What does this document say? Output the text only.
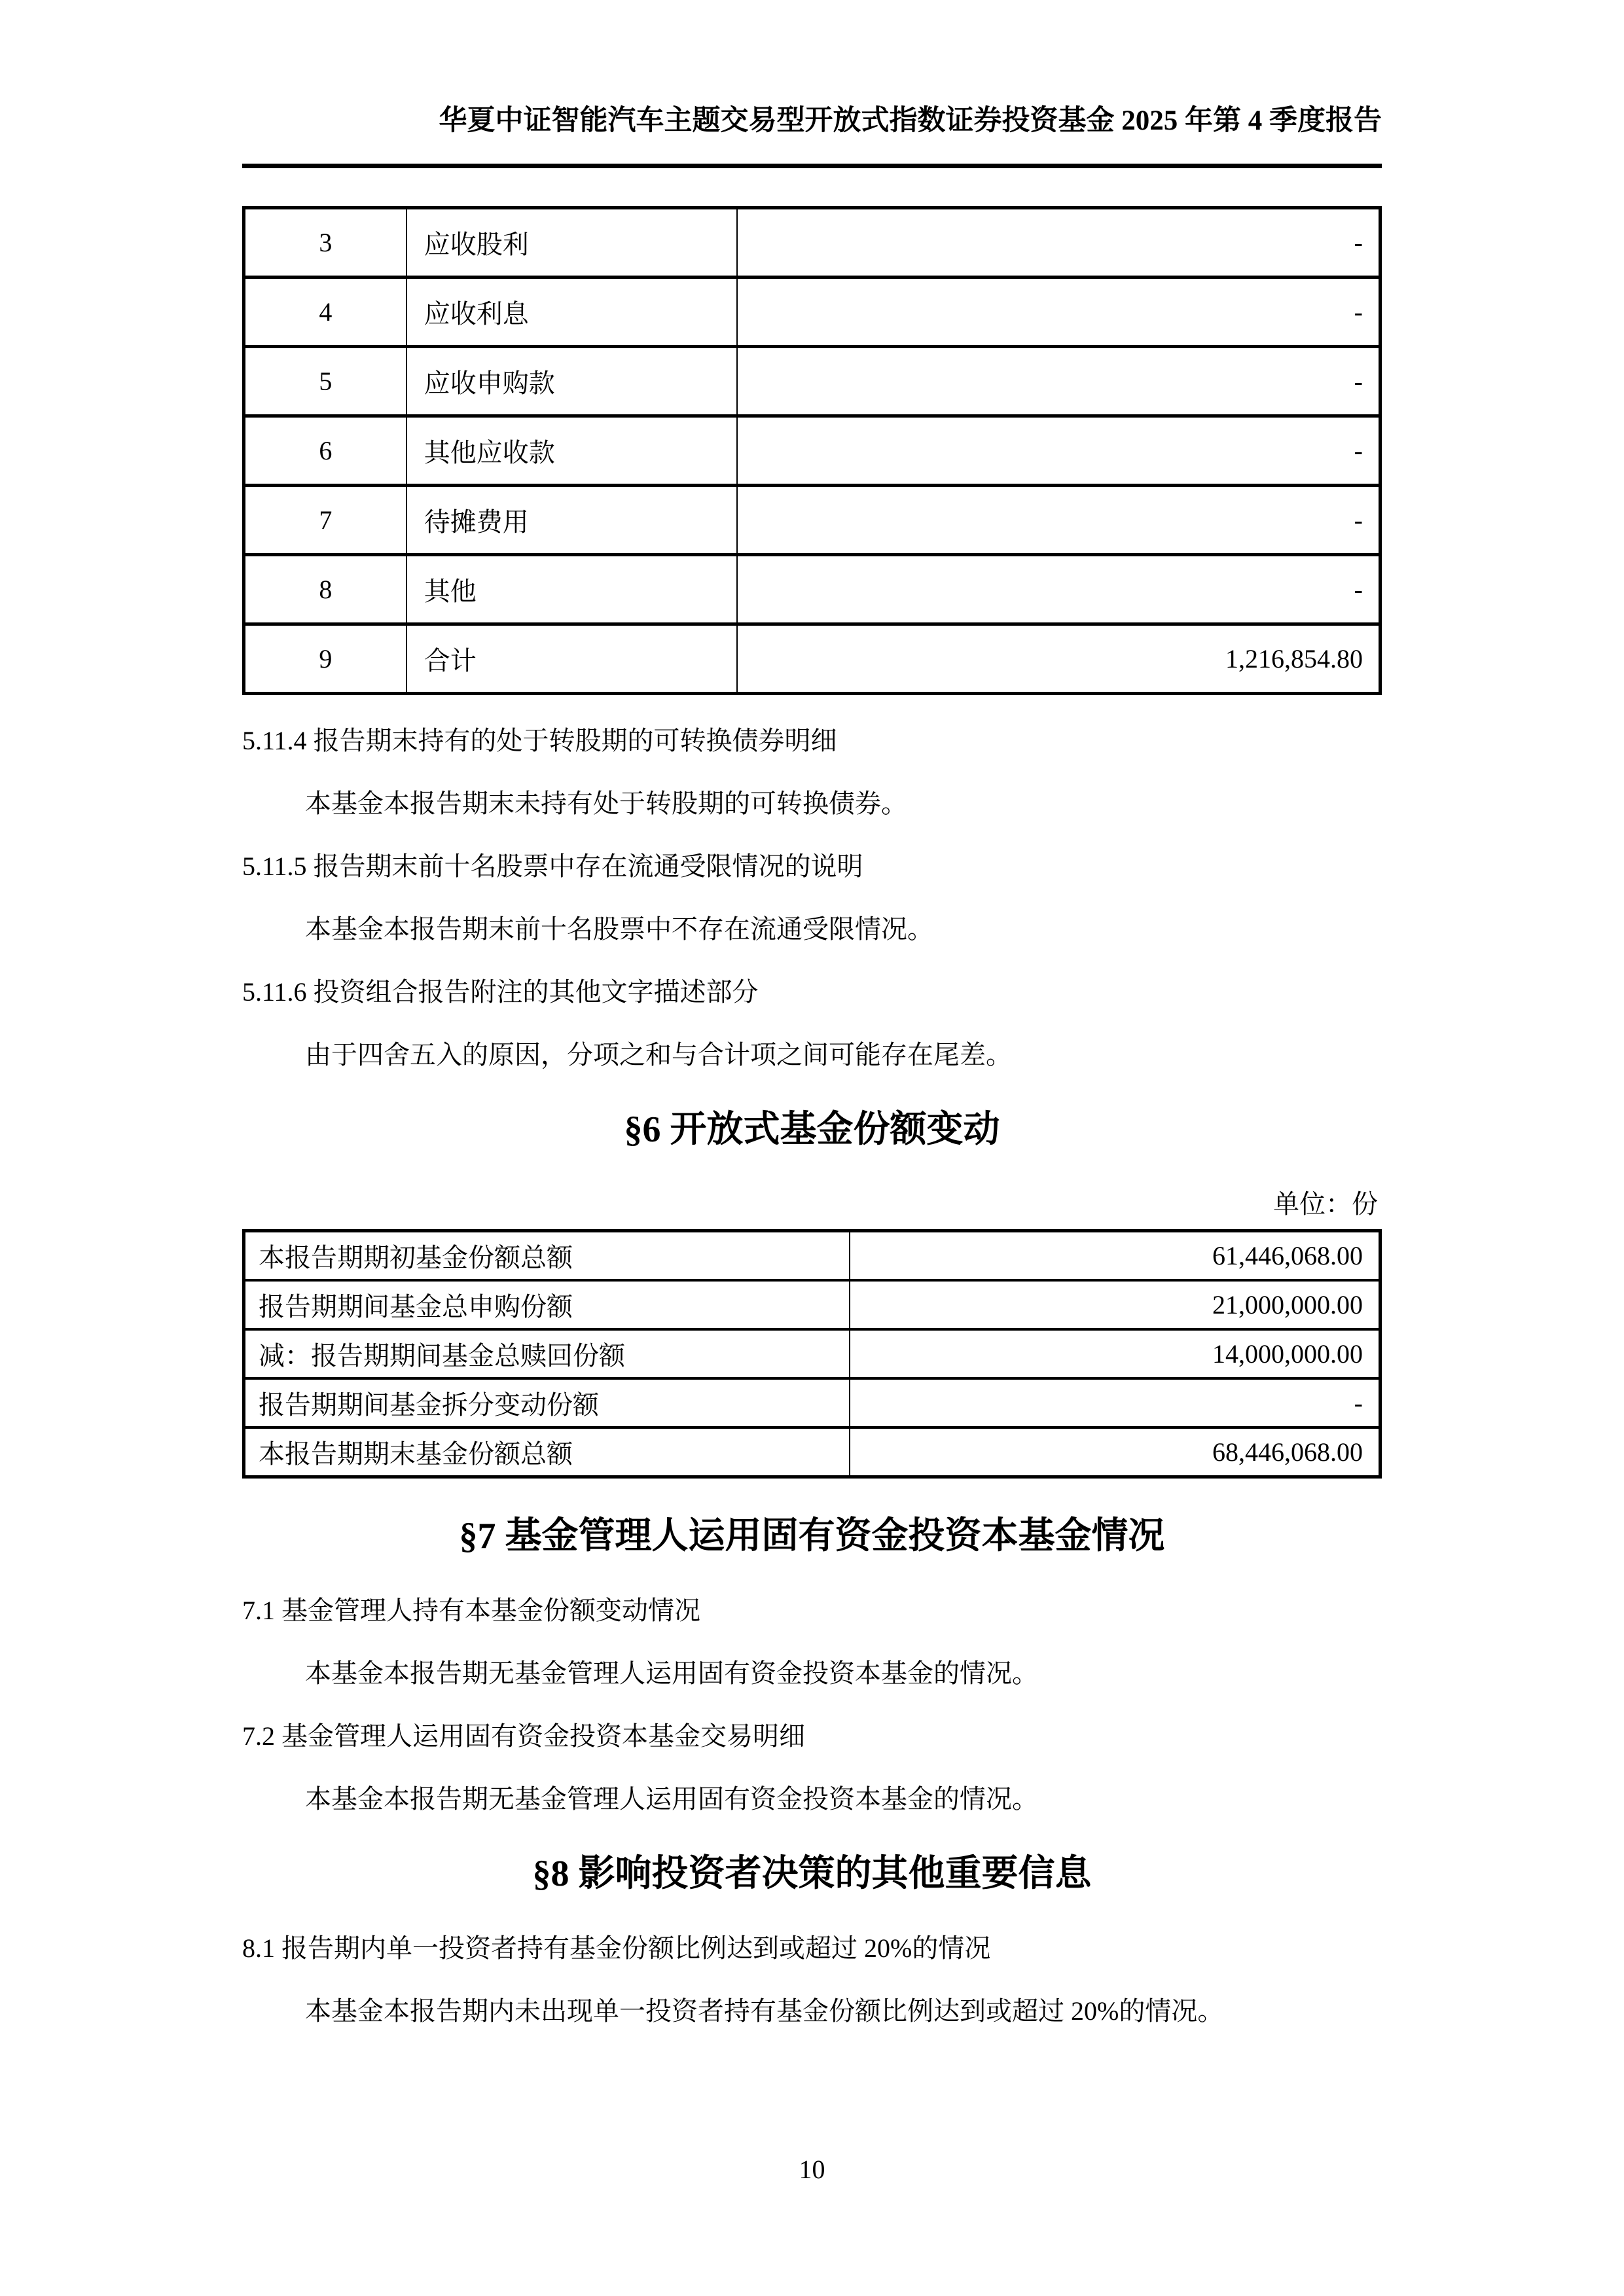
华夏中证智能汽车主题交易型开放式指数证券投资基金 2025 年第 4 季度报告
3	应收股利	-
4	应收利息	-
5	应收申购款	-
6	其他应收款	-
7	待摊费用	-
8	其他	-
9	合计	1,216,854.80
5.11.4 报告期末持有的处于转股期的可转换债券明细
本基金本报告期末未持有处于转股期的可转换债券。
5.11.5 报告期末前十名股票中存在流通受限情况的说明
本基金本报告期末前十名股票中不存在流通受限情况。
5.11.6 投资组合报告附注的其他文字描述部分
由于四舍五入的原因，分项之和与合计项之间可能存在尾差。
§6 开放式基金份额变动
单位：份
本报告期期初基金份额总额	61,446,068.00
报告期期间基金总申购份额	21,000,000.00
减：报告期期间基金总赎回份额	14,000,000.00
报告期期间基金拆分变动份额	-
本报告期期末基金份额总额	68,446,068.00
§7 基金管理人运用固有资金投资本基金情况
7.1 基金管理人持有本基金份额变动情况
本基金本报告期无基金管理人运用固有资金投资本基金的情况。
7.2 基金管理人运用固有资金投资本基金交易明细
本基金本报告期无基金管理人运用固有资金投资本基金的情况。
§8 影响投资者决策的其他重要信息
8.1 报告期内单一投资者持有基金份额比例达到或超过 20%的情况
本基金本报告期内未出现单一投资者持有基金份额比例达到或超过 20%的情况。
10
